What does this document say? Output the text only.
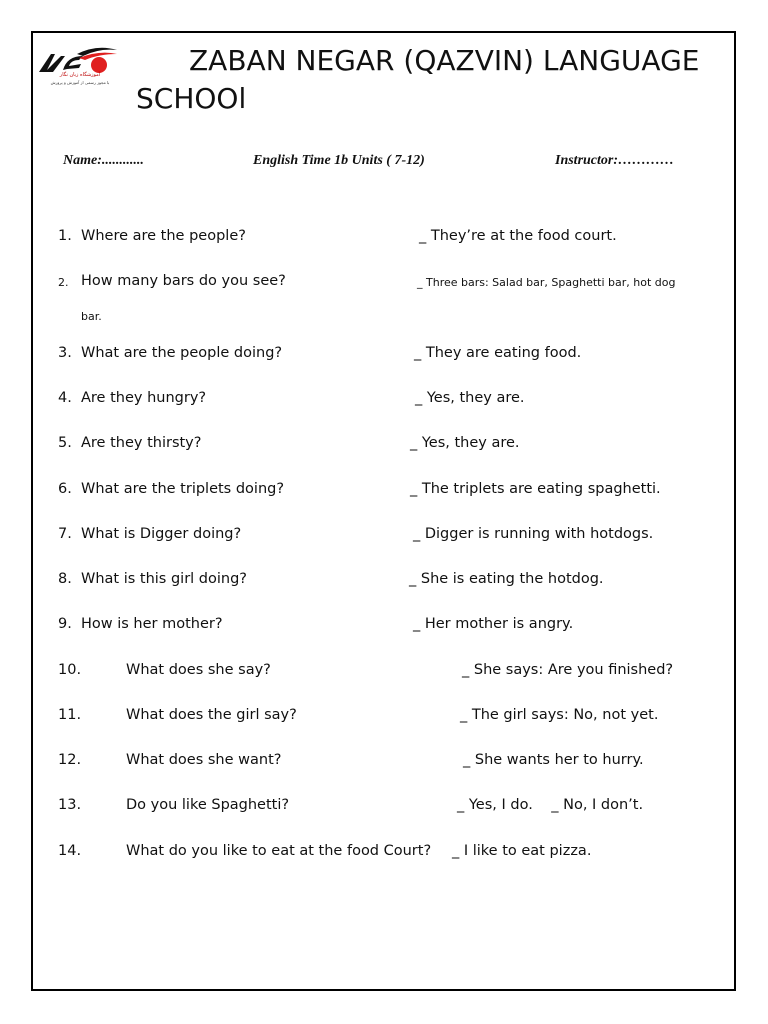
آموزشگاه زبان نگار
با مجوز رسمی از آموزش و پرورش
ZABAN NEGAR (QAZVIN) LANGUAGE
SCHOOl
Name:............	English Time 1b Units ( 7-12)	Instructor:…………
1. Where are the people?	_ They’re at the food court.
2. How many bars do you see?	_ Three bars: Salad bar, Spaghetti bar, hot dog
bar.
3. What are the people doing?	_ They are eating food.
4. Are they hungry?	_ Yes, they are.
5. Are they thirsty?	_ Yes, they are.
6. What are the triplets doing?	_ The triplets are eating spaghetti.
7. What is Digger doing?	_ Digger is running with hotdogs.
8. What is this girl doing?	_ She is eating the hotdog.
9. How is her mother?	_ Her mother is angry.
10.	What does she say?	_ She says: Are you finished?
11.	What does the girl say?	_ The girl says: No, not yet.
12.	What does she want?	_ She wants her to hurry.
13.	Do you like Spaghetti?	_ Yes, I do.    _ No, I don’t.
14.	What do you like to eat at the food Court? _ I like to eat pizza.
